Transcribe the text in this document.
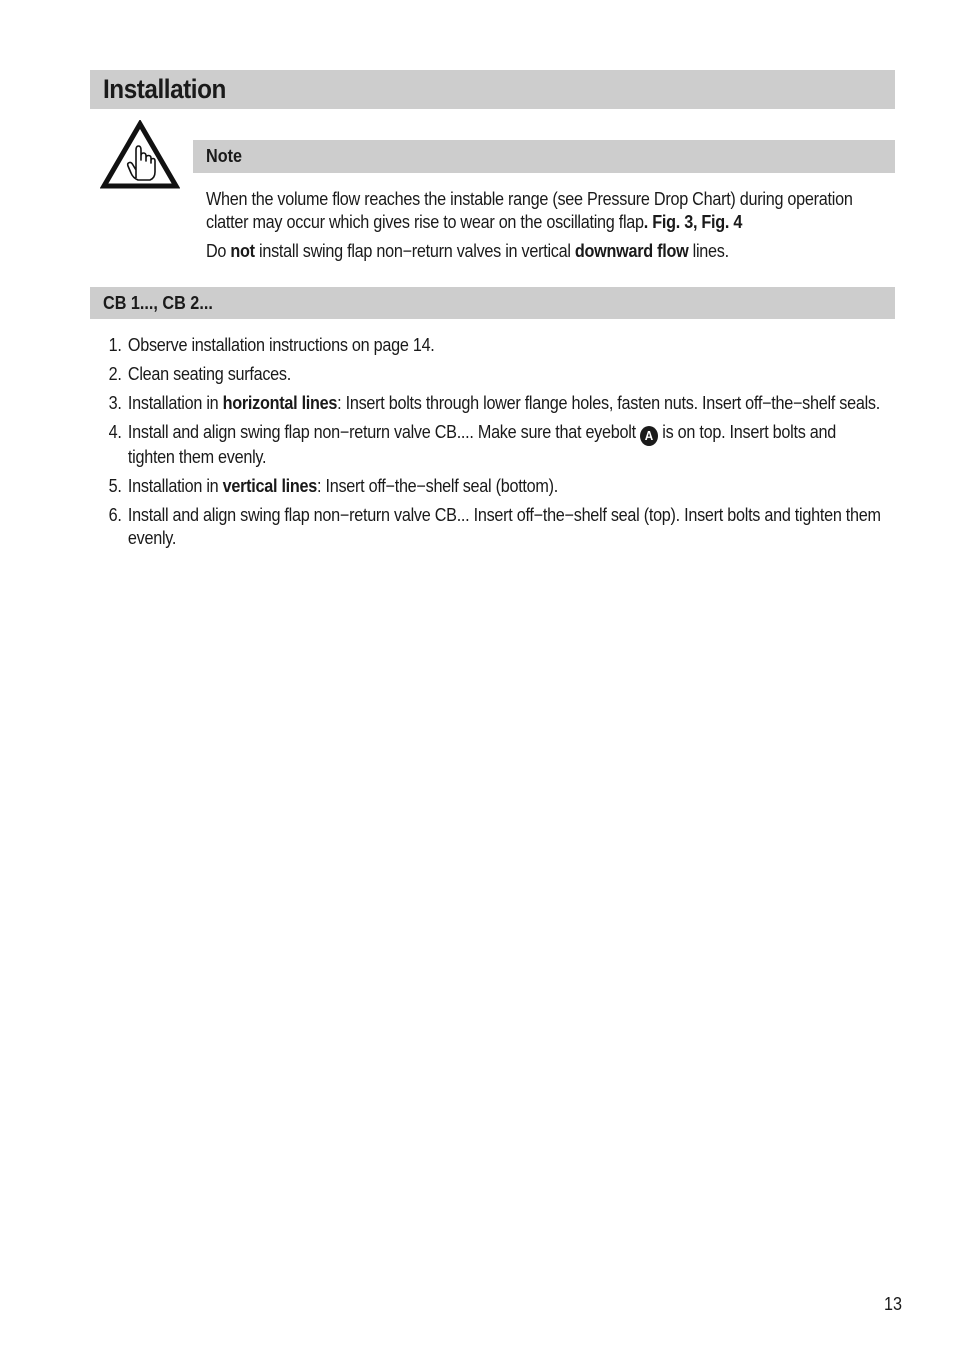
Installation
Note

When the volume flow reaches the instable range (see Pressure Drop Chart) during operation clatter may occur which gives rise to wear on the oscillating flap. Fig. 3, Fig. 4

Do not install swing flap non−return valves in vertical downward flow lines.

CB 1..., CB 2...
1. Observe installation instructions on page 14.
2. Clean seating surfaces.
3. Installation in horizontal lines: Insert bolts through lower flange holes, fasten nuts. Insert off−the−shelf seals.
4. Install and align swing flap non−return valve CB.... Make sure that eyebolt A is on top. Insert bolts and tighten them evenly.
5. Installation in vertical lines: Insert off−the−shelf seal (bottom).
6. Install and align swing flap non−return valve CB... Insert off−the−shelf seal (top). Insert bolts and tighten them evenly.
13
